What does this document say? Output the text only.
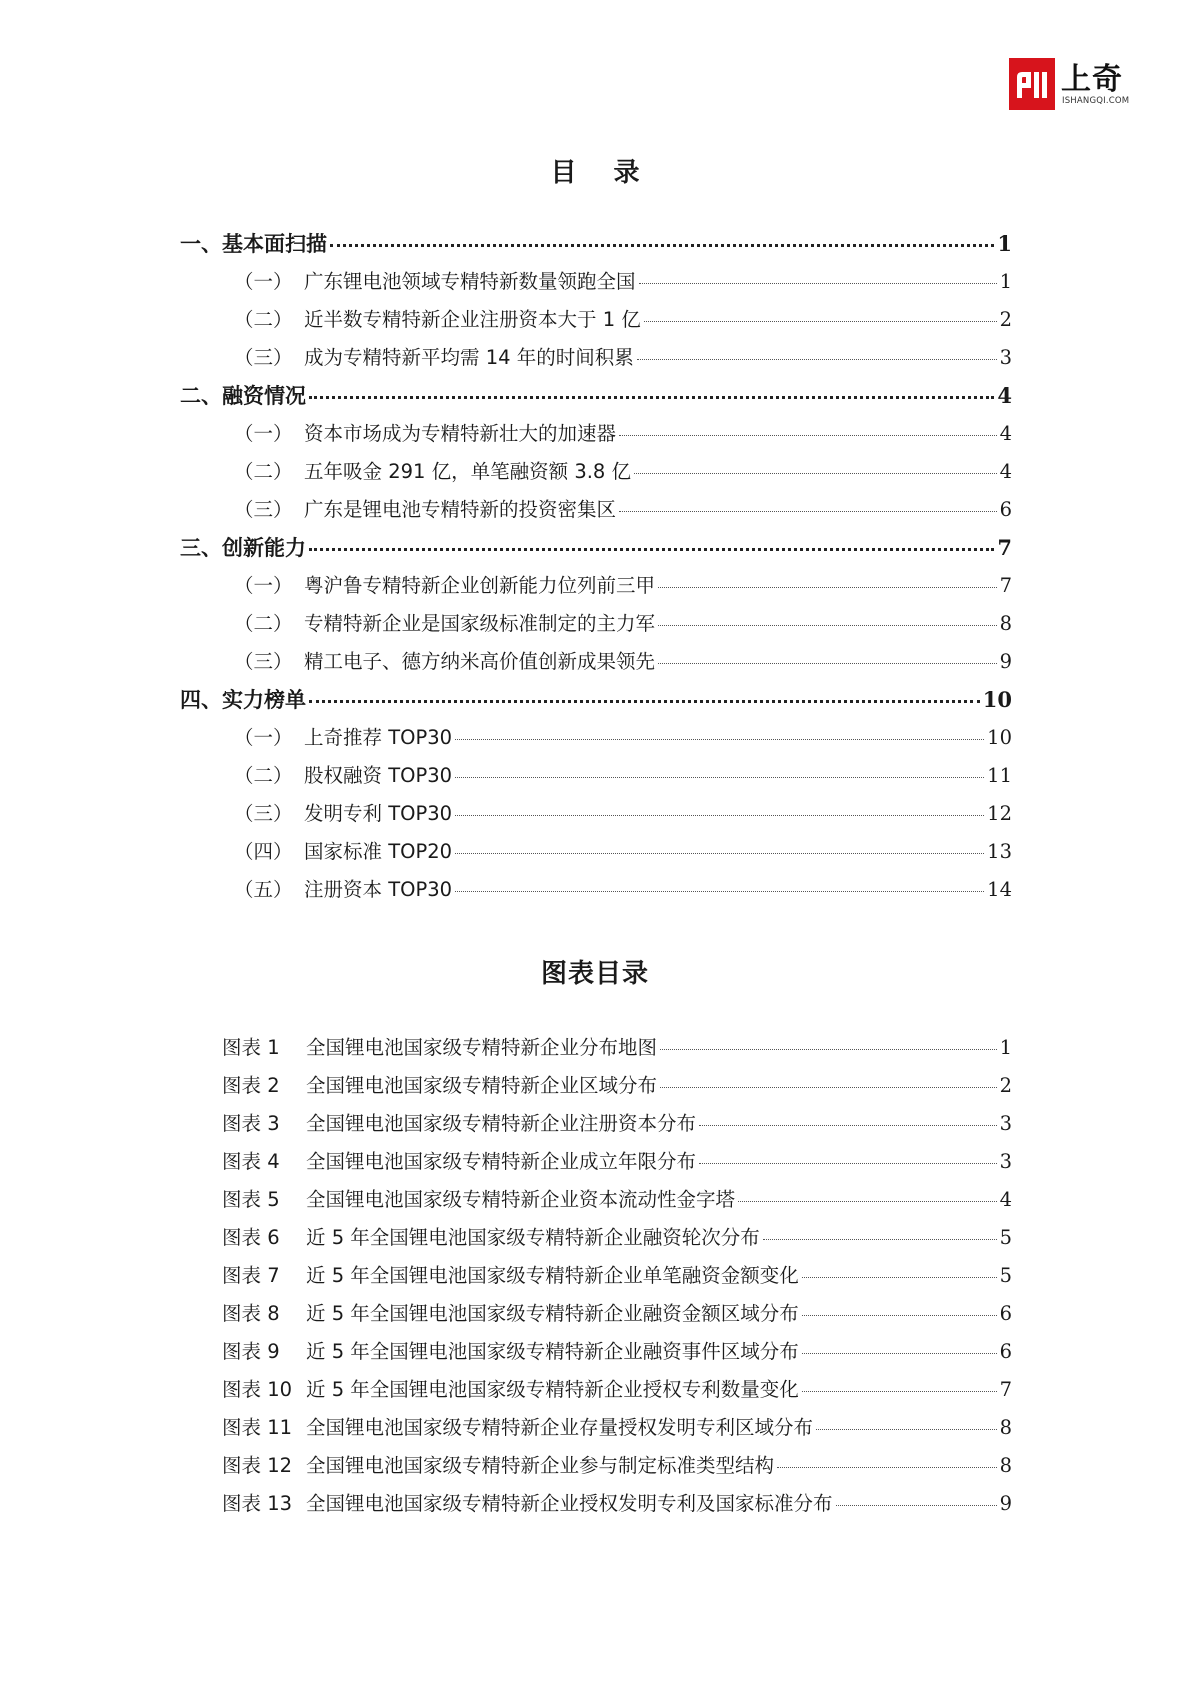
上奇
ISHANGQI.COM
目 录
一、基本面扫描	1
（一） 广东锂电池领域专精特新数量领跑全国	1
（二） 近半数专精特新企业注册资本大于 1 亿	2
（三） 成为专精特新平均需 14 年的时间积累	3
二、融资情况	4
（一） 资本市场成为专精特新壮大的加速器	4
（二） 五年吸金 291 亿，单笔融资额 3.8 亿	4
（三） 广东是锂电池专精特新的投资密集区	6
三、创新能力	7
（一） 粤沪鲁专精特新企业创新能力位列前三甲	7
（二） 专精特新企业是国家级标准制定的主力军	8
（三） 精工电子、德方纳米高价值创新成果领先	9
四、实力榜单	10
（一） 上奇推荐 TOP30	10
（二） 股权融资 TOP30	11
（三） 发明专利 TOP30	12
（四） 国家标准 TOP20	13
（五） 注册资本 TOP30	14
图表目录
图表 1	全国锂电池国家级专精特新企业分布地图	1
图表 2	全国锂电池国家级专精特新企业区域分布	2
图表 3	全国锂电池国家级专精特新企业注册资本分布	3
图表 4	全国锂电池国家级专精特新企业成立年限分布	3
图表 5	全国锂电池国家级专精特新企业资本流动性金字塔	4
图表 6	近 5 年全国锂电池国家级专精特新企业融资轮次分布	5
图表 7	近 5 年全国锂电池国家级专精特新企业单笔融资金额变化	5
图表 8	近 5 年全国锂电池国家级专精特新企业融资金额区域分布	6
图表 9	近 5 年全国锂电池国家级专精特新企业融资事件区域分布	6
图表 10 近 5 年全国锂电池国家级专精特新企业授权专利数量变化	7
图表 11 全国锂电池国家级专精特新企业存量授权发明专利区域分布	8
图表 12 全国锂电池国家级专精特新企业参与制定标准类型结构	8
图表 13 全国锂电池国家级专精特新企业授权发明专利及国家标准分布	9
